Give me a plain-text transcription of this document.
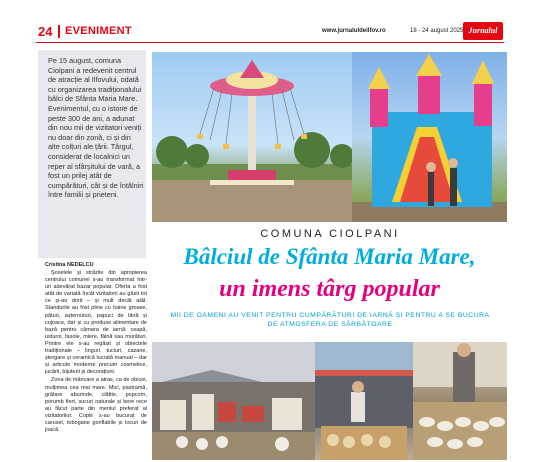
24 EVENIMENT	www.jurnaluldeilfov.ro	18 - 24 august 2025 Jurnalul
Pe 15 august, comuna Ciolpani a redevenit centrul de atracție al Ilfovului, odată cu organizarea tradiționalului bâlci de Sfânta Maria Mare. Evenimentul, cu o istorie de peste 300 de ani, a adunat din nou mii de vizitatori veniți nu doar din zonă, ci și din alte colțuri ale țării. Târgul, considerat de localnici un reper al sfârșitului de vară, a fost un prilej atât de cumpărături, cât și de întâlniri între familii și prieteni.
Cristina NEDELCU

Șoselele și străzile din apropierea centrului comunei s-au transformat într-un adevărat bazar popular. Oferta a fost atât de variată încât vizitatorii au găsit tot ce și-au dorit – și mult decât atât. Standurile au fost pline cu haine groase, pături, așternuturi, papuci de lână și cojoace, dar și cu produse alimentare de bază pentru cămara de iarnă: ceapă, usturoi, fasole, miere, făină sau murături. Printre ele s-au regăsit și obiectele tradiționale – linguri, tuciuri, cazane, ștergare și ceramică lucrată manual – dar și articole moderne precum cosmetice, jucării, bijuterii și decorațiuni.

Zona de mâncare a atras, ca de obicei, mulțimea cea mai mare. Mici, pastramă, grătare aburinde, clătite, popcorn, porumb fiert, sucuri naturale și bere rece au făcut parte din meniul preferat al vizitatorilor. Copiii s-au bucurat de carusel, tobogane gonflabile și locuri de joacă.

COMUNA CIOLPANI
Bâlciul de Sfânta Maria Mare,
un imens târg popular
MII DE OAMENI AU VENIT PENTRU CUMPĂRĂTURI DE IARNĂ ȘI PENTRU A SE BUCURA DE ATMOSFERA DE SĂRBĂTOARE
